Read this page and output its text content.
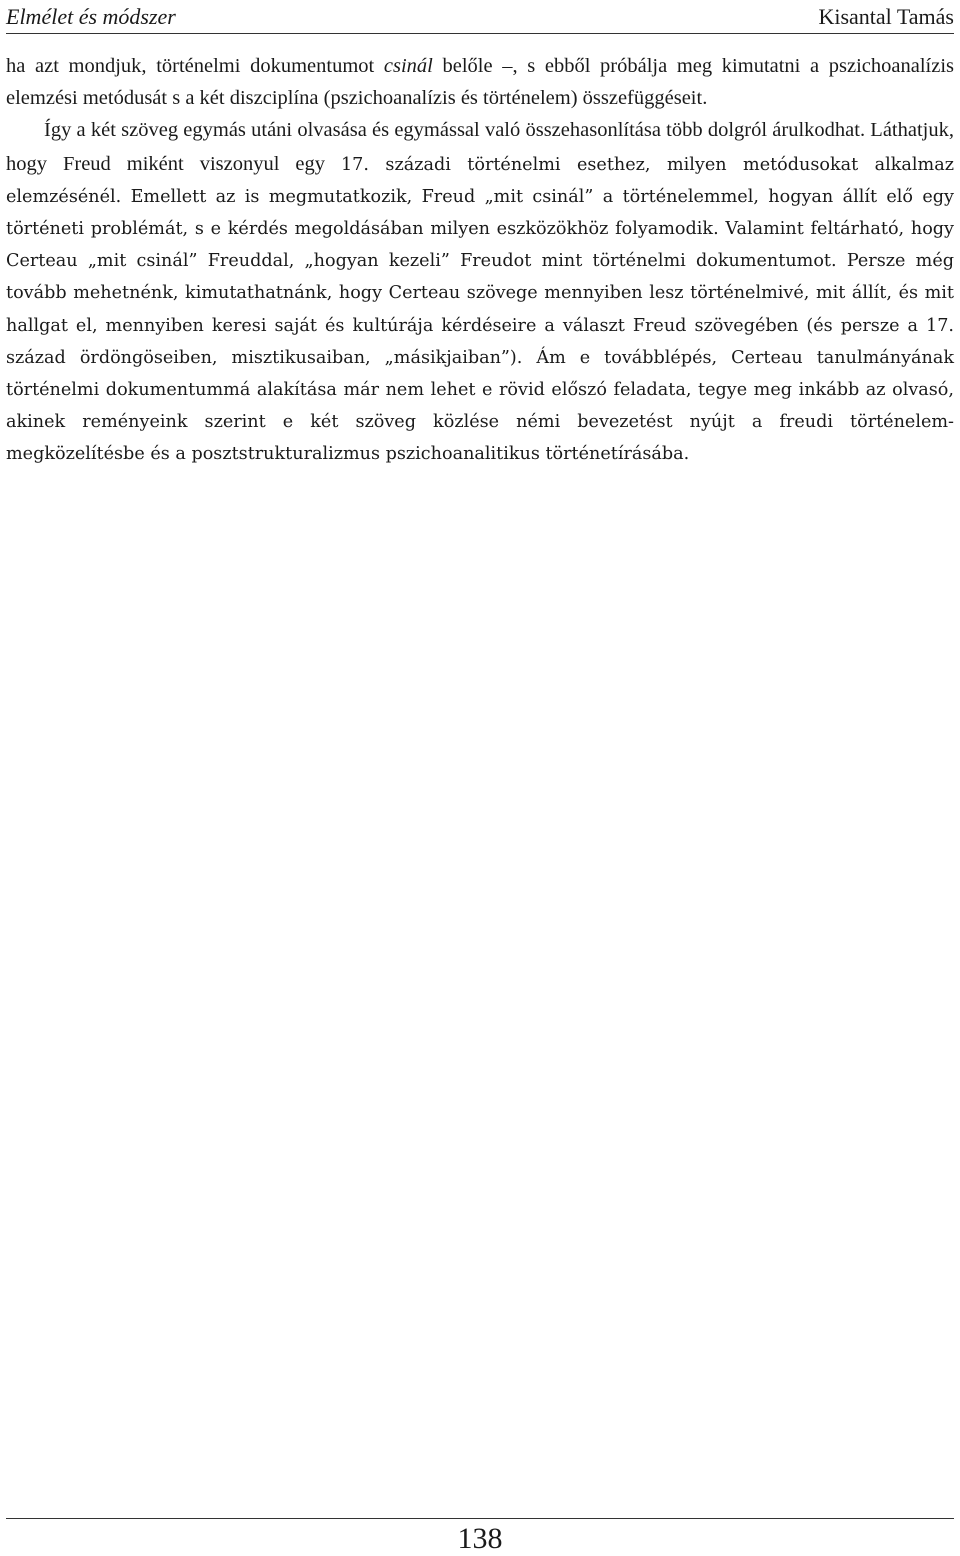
Elmélet és módszer	Kisantal Tamás

ha azt mondjuk, történelmi dokumentumot csinál belőle –, s ebből próbálja meg kimutatni a pszichoanalízis elemzési metódusát s a két diszciplína (pszichoanalízis és történelem) összefüggéseit.

Így a két szöveg egymás utáni olvasása és egymással való összehasonlítása több dolgról árulkodhat. Láthatjuk, hogy Freud miként viszonyul egy 17. századi történelmi esethez, milyen metódusokat alkalmaz elemzésénél. Emellett az is megmutatkozik, Freud „mit csinál” a történelemmel, hogyan állít elő egy történeti problémát, s e kérdés megoldásában milyen eszközökhöz folyamodik. Valamint feltárható, hogy Certeau „mit csinál” Freuddal, „hogyan kezeli” Freudot mint történelmi dokumentumot. Persze még tovább mehetnénk, kimutathatnánk, hogy Certeau szövege mennyiben lesz történelmivé, mit állít, és mit hallgat el, mennyiben keresi saját és kultúrája kérdéseire a választ Freud szövegében (és persze a 17. század ördöngöseiben, misztikusaiban, „másikjaiban”). Ám e továbblépés, Certeau tanulmányának történelmi dokumentummá alakítása már nem lehet e rövid előszó feladata, tegye meg inkább az olvasó, akinek reményeink szerint e két szöveg közlése némi bevezetést nyújt a freudi történelem-megközelítésbe és a posztstrukturalizmus pszichoanalitikus történetírásába.

138
